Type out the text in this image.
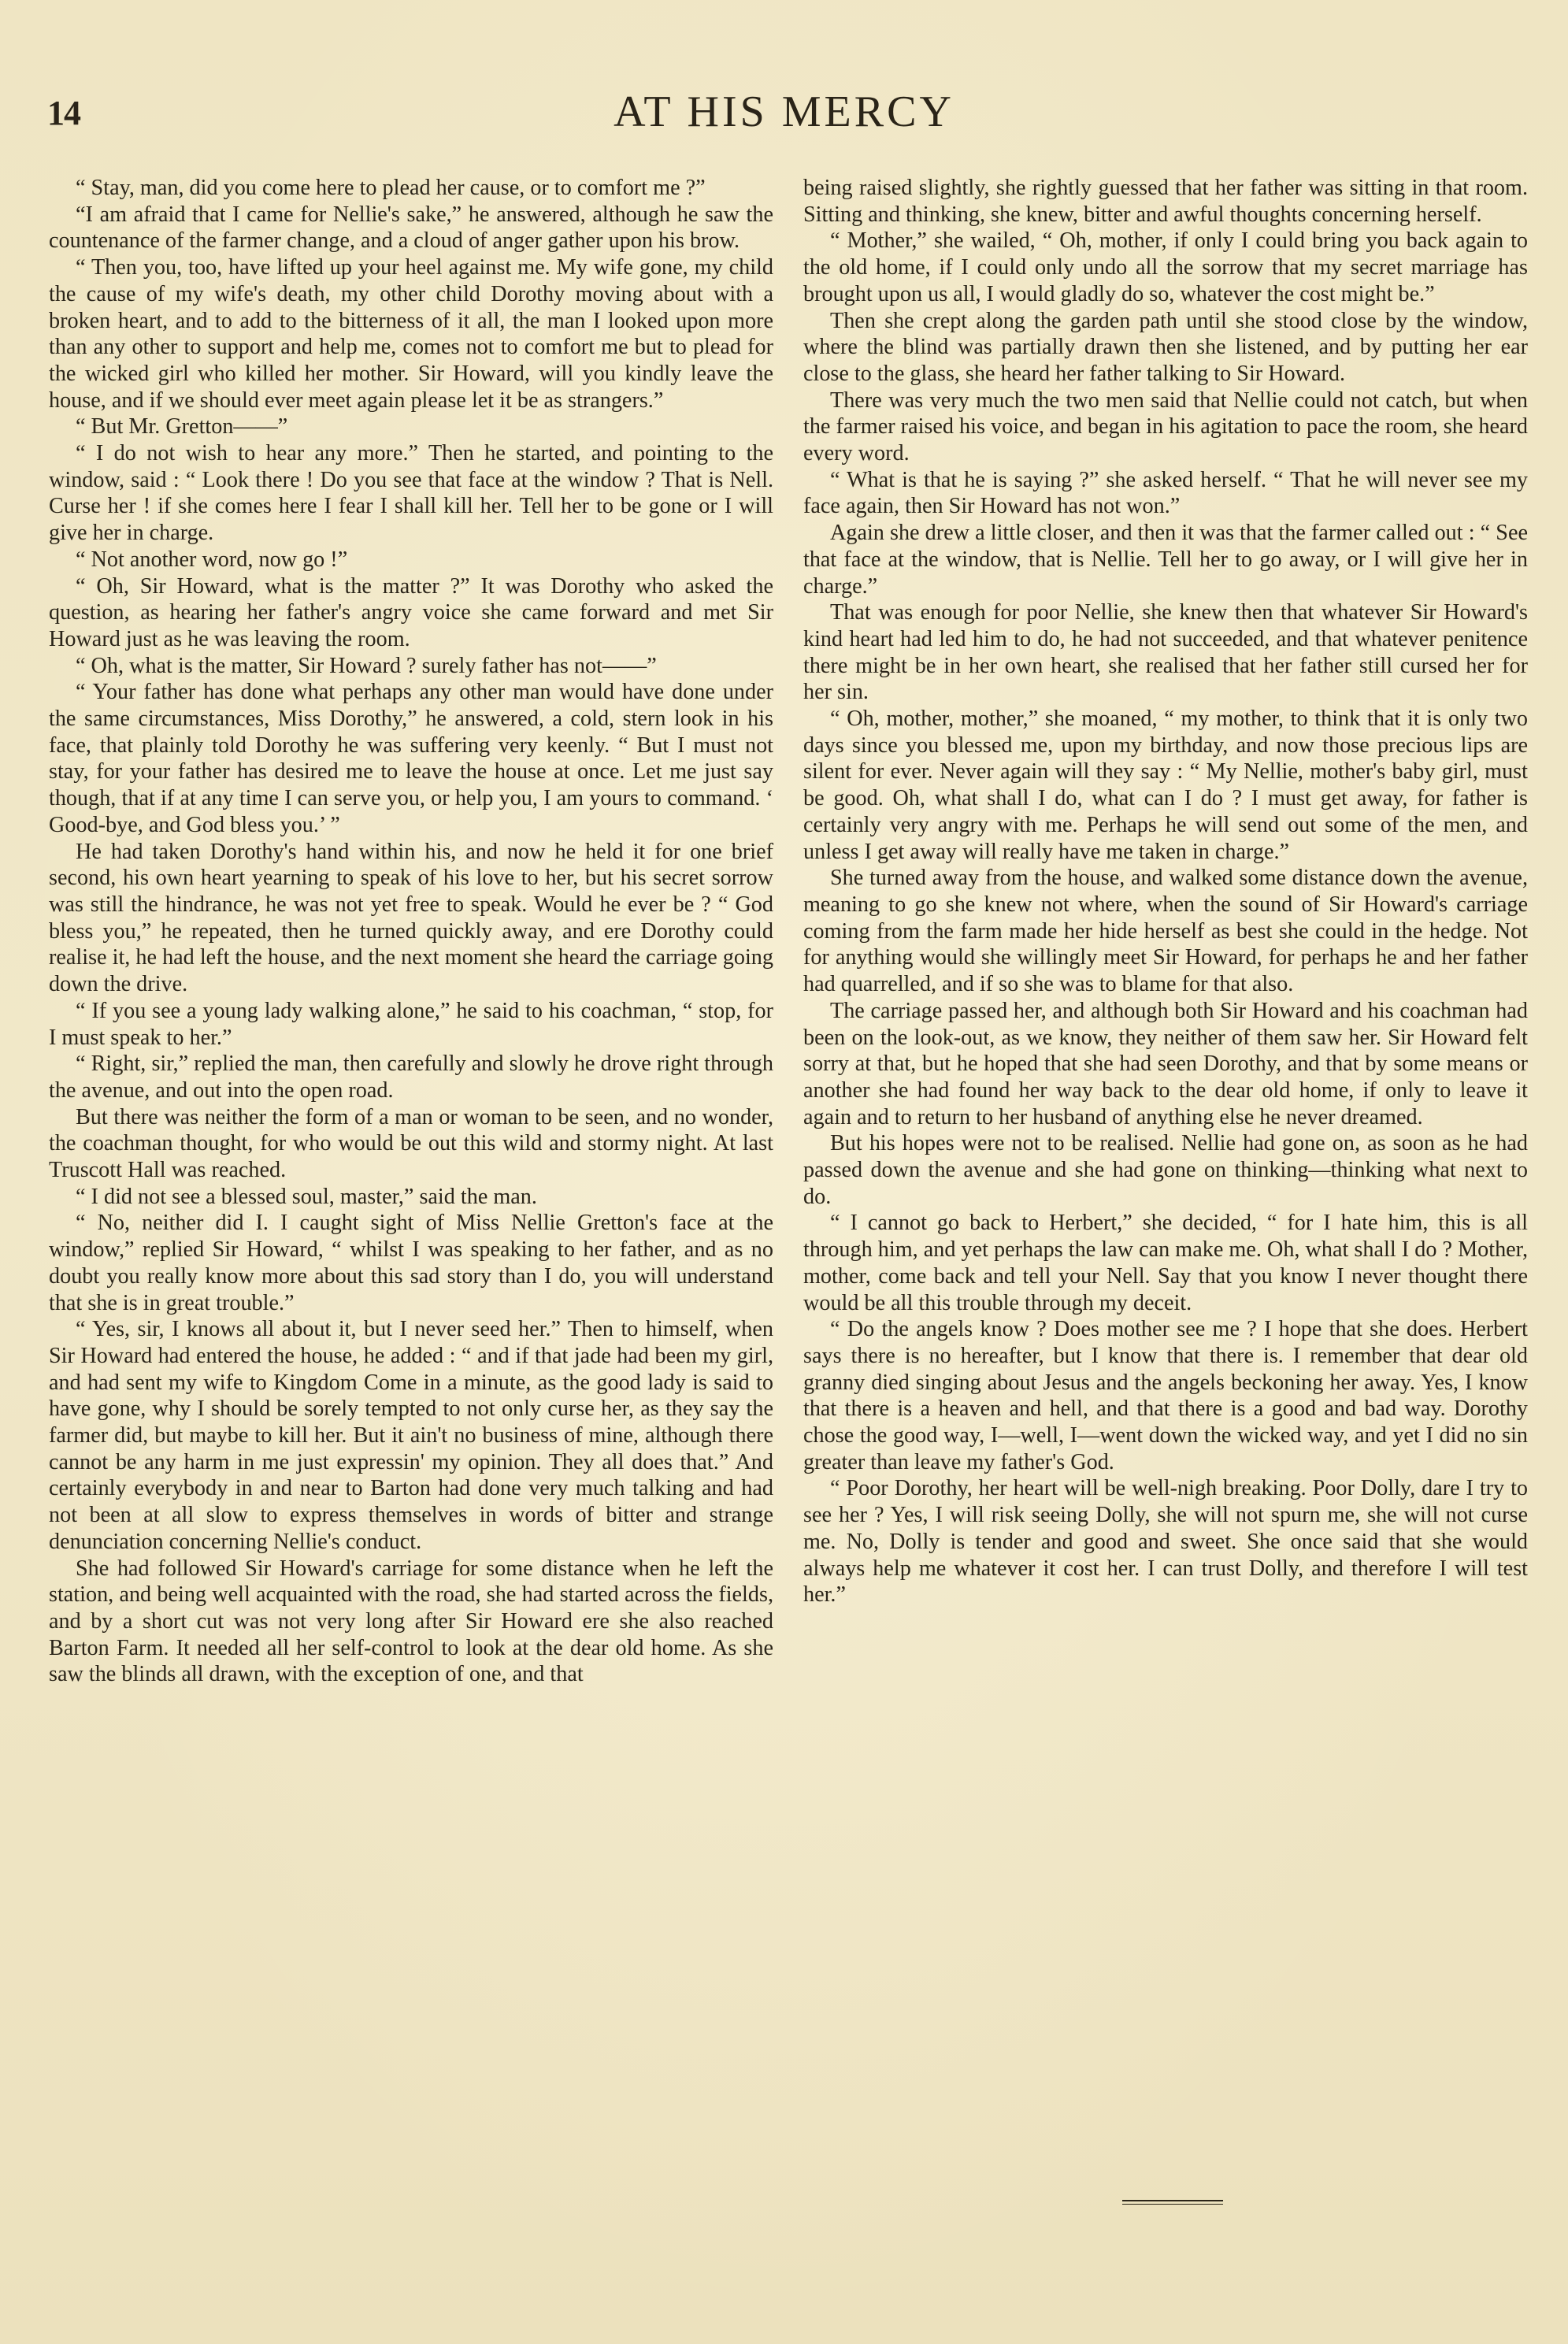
14	AT HIS MERCY

“ Stay, man, did you come here to plead her cause, or to comfort me ?”

“I am afraid that I came for Nellie's sake,” he answered, although he saw the countenance of the farmer change, and a cloud of anger gather upon his brow.

“ Then you, too, have lifted up your heel against me. My wife gone, my child the cause of my wife's death, my other child Dorothy moving about with a broken heart, and to add to the bitterness of it all, the man I looked upon more than any other to support and help me, comes not to comfort me but to plead for the wicked girl who killed her mother. Sir Howard, will you kindly leave the house, and if we should ever meet again please let it be as strangers.”

“ But Mr. Gretton——”

“ I do not wish to hear any more.” Then he started, and pointing to the window, said : “ Look there ! Do you see that face at the window ? That is Nell. Curse her ! if she comes here I fear I shall kill her. Tell her to be gone or I will give her in charge.

“ Not another word, now go !”

“ Oh, Sir Howard, what is the matter ?” It was Dorothy who asked the question, as hearing her father's angry voice she came forward and met Sir Howard just as he was leaving the room.

“ Oh, what is the matter, Sir Howard ? surely father has not——”

“ Your father has done what perhaps any other man would have done under the same circumstances, Miss Dorothy,” he answered, a cold, stern look in his face, that plainly told Dorothy he was suffering very keenly. “ But I must not stay, for your father has desired me to leave the house at once. Let me just say though, that if at any time I can serve you, or help you, I am yours to command. ‘ Good-bye, and God bless you.’ ”

He had taken Dorothy's hand within his, and now he held it for one brief second, his own heart yearning to speak of his love to her, but his secret sorrow was still the hindrance, he was not yet free to speak. Would he ever be ? “ God bless you,” he repeated, then he turned quickly away, and ere Dorothy could realise it, he had left the house, and the next moment she heard the carriage going down the drive.

“ If you see a young lady walking alone,” he said to his coachman, “ stop, for I must speak to her.”

“ Right, sir,” replied the man, then carefully and slowly he drove right through the avenue, and out into the open road.

But there was neither the form of a man or woman to be seen, and no wonder, the coachman thought, for who would be out this wild and stormy night. At last Truscott Hall was reached.

“ I did not see a blessed soul, master,” said the man.

“ No, neither did I. I caught sight of Miss Nellie Gretton's face at the window,” replied Sir Howard, “ whilst I was speaking to her father, and as no doubt you really know more about this sad story than I do, you will understand that she is in great trouble.”

“ Yes, sir, I knows all about it, but I never seed her.” Then to himself, when Sir Howard had entered the house, he added : “ and if that jade had been my girl, and had sent my wife to Kingdom Come in a minute, as the good lady is said to have gone, why I should be sorely tempted to not only curse her, as they say the farmer did, but maybe to kill her. But it ain't no business of mine, although there cannot be any harm in me just expressin' my opinion. They all does that.” And certainly everybody in and near to Barton had done very much talking and had not been at all slow to express themselves in words of bitter and strange denunciation concerning Nellie's conduct.

She had followed Sir Howard's carriage for some distance when he left the station, and being well acquainted with the road, she had started across the fields, and by a short cut was not very long after Sir Howard ere she also reached Barton Farm. It needed all her self-control to look at the dear old home. As she saw the blinds all drawn, with the exception of one, and that

being raised slightly, she rightly guessed that her father was sitting in that room. Sitting and thinking, she knew, bitter and awful thoughts concerning herself.

“ Mother,” she wailed, “ Oh, mother, if only I could bring you back again to the old home, if I could only undo all the sorrow that my secret marriage has brought upon us all, I would gladly do so, whatever the cost might be.”

Then she crept along the garden path until she stood close by the window, where the blind was partially drawn then she listened, and by putting her ear close to the glass, she heard her father talking to Sir Howard.

There was very much the two men said that Nellie could not catch, but when the farmer raised his voice, and began in his agitation to pace the room, she heard every word.

“ What is that he is saying ?” she asked herself. “ That he will never see my face again, then Sir Howard has not won.”

Again she drew a little closer, and then it was that the farmer called out : “ See that face at the window, that is Nellie. Tell her to go away, or I will give her in charge.”

That was enough for poor Nellie, she knew then that whatever Sir Howard's kind heart had led him to do, he had not succeeded, and that whatever penitence there might be in her own heart, she realised that her father still cursed her for her sin.

“ Oh, mother, mother,” she moaned, “ my mother, to think that it is only two days since you blessed me, upon my birthday, and now those precious lips are silent for ever. Never again will they say : “ My Nellie, mother's baby girl, must be good. Oh, what shall I do, what can I do ? I must get away, for father is certainly very angry with me. Perhaps he will send out some of the men, and unless I get away will really have me taken in charge.”

She turned away from the house, and walked some distance down the avenue, meaning to go she knew not where, when the sound of Sir Howard's carriage coming from the farm made her hide herself as best she could in the hedge. Not for anything would she willingly meet Sir Howard, for perhaps he and her father had quarrelled, and if so she was to blame for that also.

The carriage passed her, and although both Sir Howard and his coachman had been on the look-out, as we know, they neither of them saw her. Sir Howard felt sorry at that, but he hoped that she had seen Dorothy, and that by some means or another she had found her way back to the dear old home, if only to leave it again and to return to her husband of anything else he never dreamed.

But his hopes were not to be realised. Nellie had gone on, as soon as he had passed down the avenue and she had gone on thinking—thinking what next to do.

“ I cannot go back to Herbert,” she decided, “ for I hate him, this is all through him, and yet perhaps the law can make me. Oh, what shall I do ? Mother, mother, come back and tell your Nell. Say that you know I never thought there would be all this trouble through my deceit.

“ Do the angels know ? Does mother see me ? I hope that she does. Herbert says there is no hereafter, but I know that there is. I remember that dear old granny died singing about Jesus and the angels beckoning her away. Yes, I know that there is a heaven and hell, and that there is a good and bad way. Dorothy chose the good way, I—well, I—went down the wicked way, and yet I did no sin greater than leave my father's God.

“ Poor Dorothy, her heart will be well-nigh breaking. Poor Dolly, dare I try to see her ? Yes, I will risk seeing Dolly, she will not spurn me, she will not curse me. No, Dolly is tender and good and sweet. She once said that she would always help me whatever it cost her. I can trust Dolly, and therefore I will test her.”
